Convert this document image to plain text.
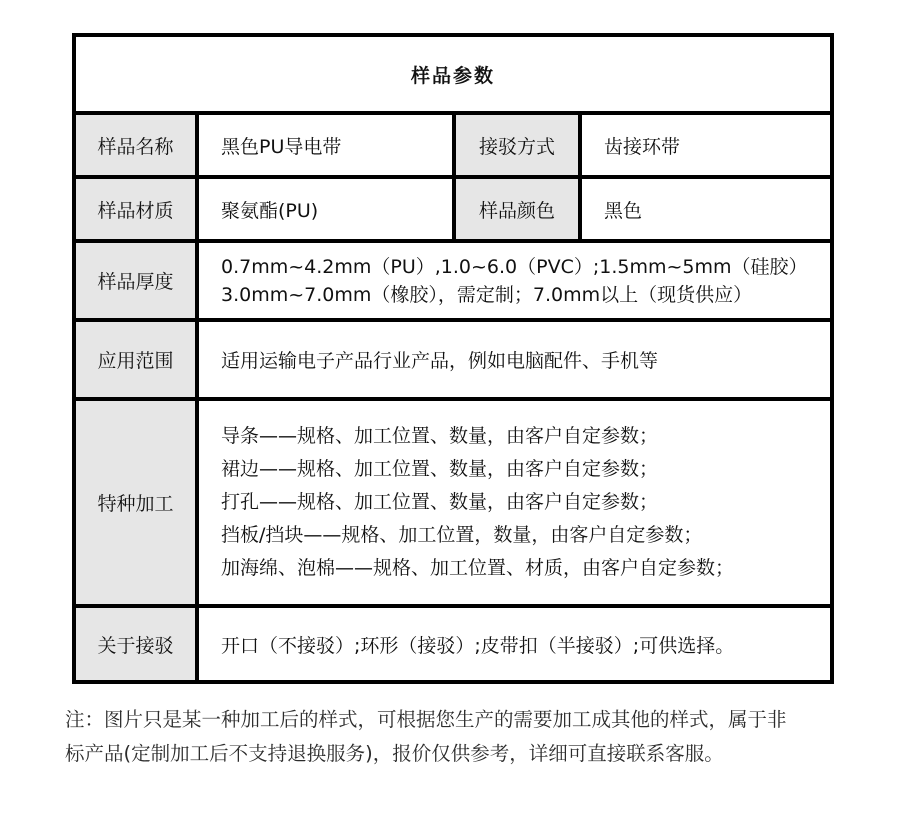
样品参数			
样品名称	黑色PU导电带	接驳方式	齿接环带
样品材质	聚氨酯(PU)	样品颜色	黑色
样品厚度	0.7mm~4.2mm（PU）,1.0~6.0（PVC）;1.5mm~5mm（硅胶）
3.0mm~7.0mm（橡胶），需定制；7.0mm以上（现货供应）		

应用范围	适用运输电子产品行业产品，例如电脑配件、手机等		
特种加工	导条——规格、加工位置、数量，由客户自定参数；
裙边——规格、加工位置、数量，由客户自定参数；
打孔——规格、加工位置、数量，由客户自定参数；
挡板/挡块——规格、加工位置，数量，由客户自定参数；
加海绵、泡棉——规格、加工位置、材质，由客户自定参数；		

关于接驳	开口（不接驳）;环形（接驳）;皮带扣（半接驳）;可供选择。		
注：图片只是某一种加工后的样式，可根据您生产的需要加工成其他的样式，属于非
标产品(定制加工后不支持退换服务)，报价仅供参考，详细可直接联系客服。
